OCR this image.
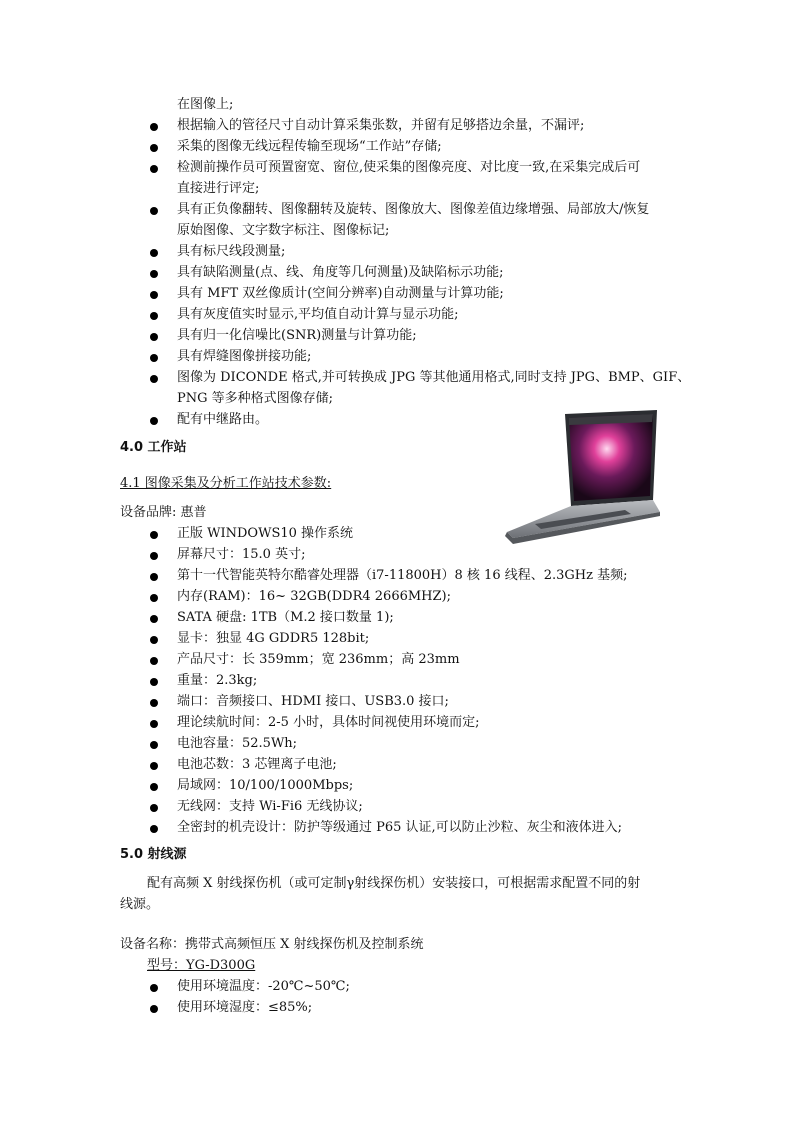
在图像上;
根据输入的管径尺寸自动计算采集张数，并留有足够搭边余量，不漏评;
采集的图像无线远程传输至现场“工作站”存储;
检测前操作员可预置窗宽、窗位,使采集的图像亮度、对比度一致,在采集完成后可
直接进行评定;
具有正负像翻转、图像翻转及旋转、图像放大、图像差值边缘增强、局部放大/恢复
原始图像、文字数字标注、图像标记;
具有标尺线段测量;
具有缺陷测量(点、线、角度等几何测量)及缺陷标示功能;
具有 MFT 双丝像质计(空间分辨率)自动测量与计算功能;
具有灰度值实时显示,平均值自动计算与显示功能;
具有归一化信噪比(SNR)测量与计算功能;
具有焊缝图像拼接功能;
图像为 DICONDE 格式,并可转换成 JPG 等其他通用格式,同时支持 JPG、BMP、GIF、
PNG 等多种格式图像存储;
配有中继路由。
4.0 工作站
4.1 图像采集及分析工作站技术参数:
设备品牌: 惠普
正版 WINDOWS10 操作系统
屏幕尺寸：15.0 英寸;
第十一代智能英特尔酷睿处理器（i7-11800H）8 核 16 线程、2.3GHz 基频;
内存(RAM)：16~ 32GB(DDR4 2666MHZ);
SATA 硬盘: 1TB（M.2 接口数量 1);
显卡：独显 4G GDDR5 128bit;
产品尺寸：长 359mm；宽 236mm；高 23mm
重量：2.3kg;
端口：音频接口、HDMI 接口、USB3.0 接口;
理论续航时间：2-5 小时，具体时间视使用环境而定;
电池容量：52.5Wh;
电池芯数：3 芯锂离子电池;
局域网：10/100/1000Mbps;
无线网：支持 Wi-Fi6 无线协议;
全密封的机壳设计：防护等级通过 P65 认证,可以防止沙粒、灰尘和液体进入;
5.0 射线源
配有高频 X 射线探伤机（或可定制γ射线探伤机）安装接口，可根据需求配置不同的射
线源。
设备名称：携带式高频恒压 X 射线探伤机及控制系统
型号：YG-D300G
使用环境温度：-20℃~50℃;
使用环境湿度：≤85%;
